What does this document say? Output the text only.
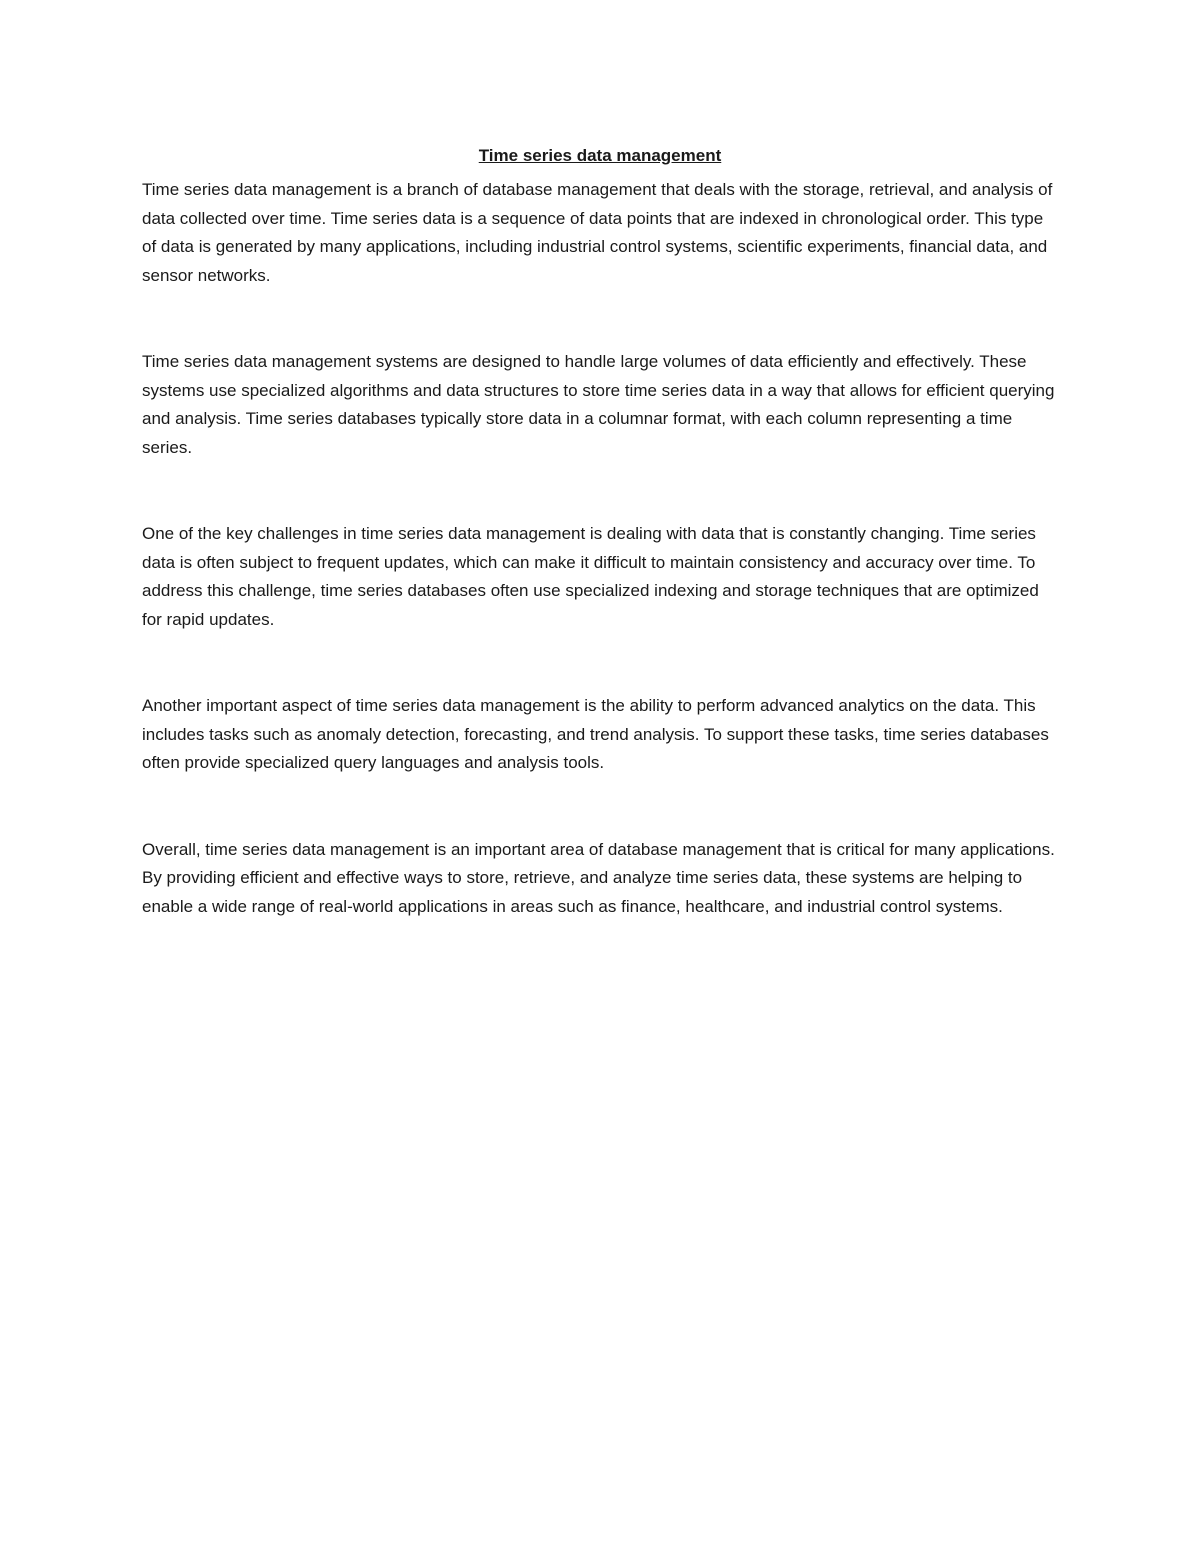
Time series data management

Time series data management is a branch of database management that deals with the storage, retrieval, and analysis of data collected over time. Time series data is a sequence of data points that are indexed in chronological order. This type of data is generated by many applications, including industrial control systems, scientific experiments, financial data, and sensor networks.

Time series data management systems are designed to handle large volumes of data efficiently and effectively. These systems use specialized algorithms and data structures to store time series data in a way that allows for efficient querying and analysis. Time series databases typically store data in a columnar format, with each column representing a time series.

One of the key challenges in time series data management is dealing with data that is constantly changing. Time series data is often subject to frequent updates, which can make it difficult to maintain consistency and accuracy over time. To address this challenge, time series databases often use specialized indexing and storage techniques that are optimized for rapid updates.

Another important aspect of time series data management is the ability to perform advanced analytics on the data. This includes tasks such as anomaly detection, forecasting, and trend analysis. To support these tasks, time series databases often provide specialized query languages and analysis tools.

Overall, time series data management is an important area of database management that is critical for many applications. By providing efficient and effective ways to store, retrieve, and analyze time series data, these systems are helping to enable a wide range of real-world applications in areas such as finance, healthcare, and industrial control systems.
